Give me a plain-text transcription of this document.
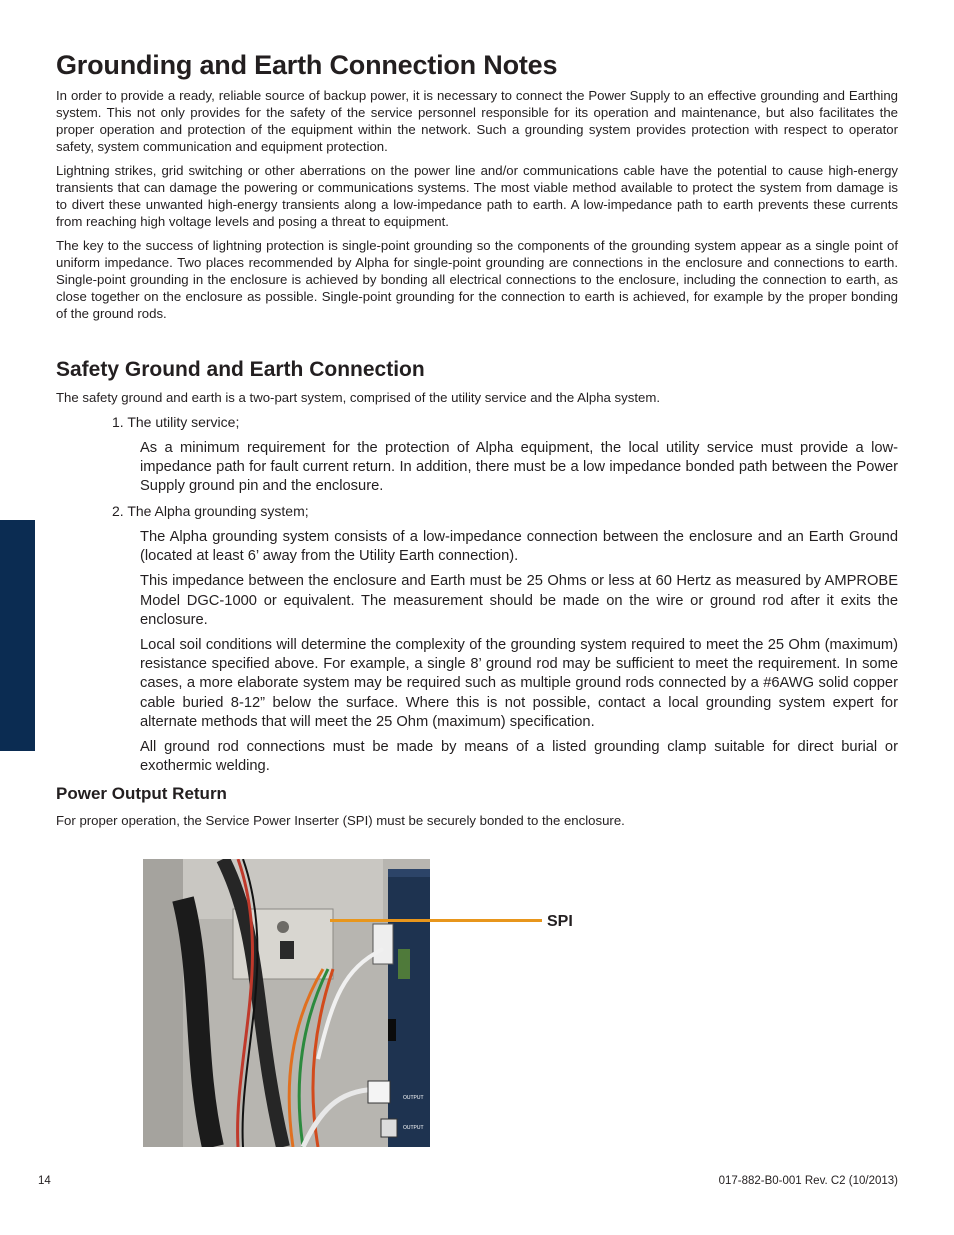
Grounding and Earth Connection Notes

In order to provide a ready, reliable source of backup power, it is necessary to connect the Power Supply to an effective grounding and Earthing system. This not only provides for the safety of the service personnel responsible for its operation and maintenance, but also facilitates the proper operation and protection of the equipment within the network. Such a grounding system provides protection with respect to operator safety, system communication and equipment protection.

Lightning strikes, grid switching or other aberrations on the power line and/or communications cable have the potential to cause high-energy transients that can damage the powering or communications systems. The most viable method available to protect the system from damage is to divert these unwanted high-energy transients along a low-impedance path to earth. A low-impedance path to earth prevents these currents from reaching high voltage levels and posing a threat to equipment.

The key to the success of lightning protection is single-point grounding so the components of the grounding system appear as a single point of uniform impedance. Two places recommended by Alpha for single-point grounding are connections in the enclosure and connections to earth. Single-point grounding in the enclosure is achieved by bonding all electrical connections to the enclosure, including the connection to earth, as close together on the enclosure as possible. Single-point grounding for the connection to earth is achieved, for example by the proper bonding of the ground rods.

Safety Ground and Earth Connection

The safety ground and earth is a two-part system, comprised of the utility service and the Alpha system.

1. The utility service;

As a minimum requirement for the protection of Alpha equipment, the local utility service must provide a low-impedance path for fault current return. In addition, there must be a low impedance bonded path between the Power Supply ground pin and the enclosure.

2. The Alpha grounding system;

The Alpha grounding system consists of a low-impedance connection between the enclosure and an Earth Ground (located at least 6’ away from the Utility Earth connection).

This impedance between the enclosure and Earth must be 25 Ohms or less at 60 Hertz as measured by AMPROBE Model DGC-1000 or equivalent. The measurement should be made on the wire or ground rod after it exits the enclosure.

Local soil conditions will determine the complexity of the grounding system required to meet the 25 Ohm (maximum) resistance specified above. For example, a single 8’ ground rod may be sufficient to meet the requirement. In some cases, a more elaborate system may be required such as multiple ground rods connected by a #6AWG solid copper cable buried 8-12” below the surface. Where this is not possible, contact a local grounding system expert for alternate methods that will meet the 25 Ohm (maximum) specification.

All ground rod connections must be made by means of a listed grounding clamp suitable for direct burial or exothermic welding.

Power Output Return

For proper operation, the Service Power Inserter (SPI) must be securely bonded to the enclosure.

OUTPUT
OUTPUT
SPI
14	017-882-B0-001 Rev. C2 (10/2013)
